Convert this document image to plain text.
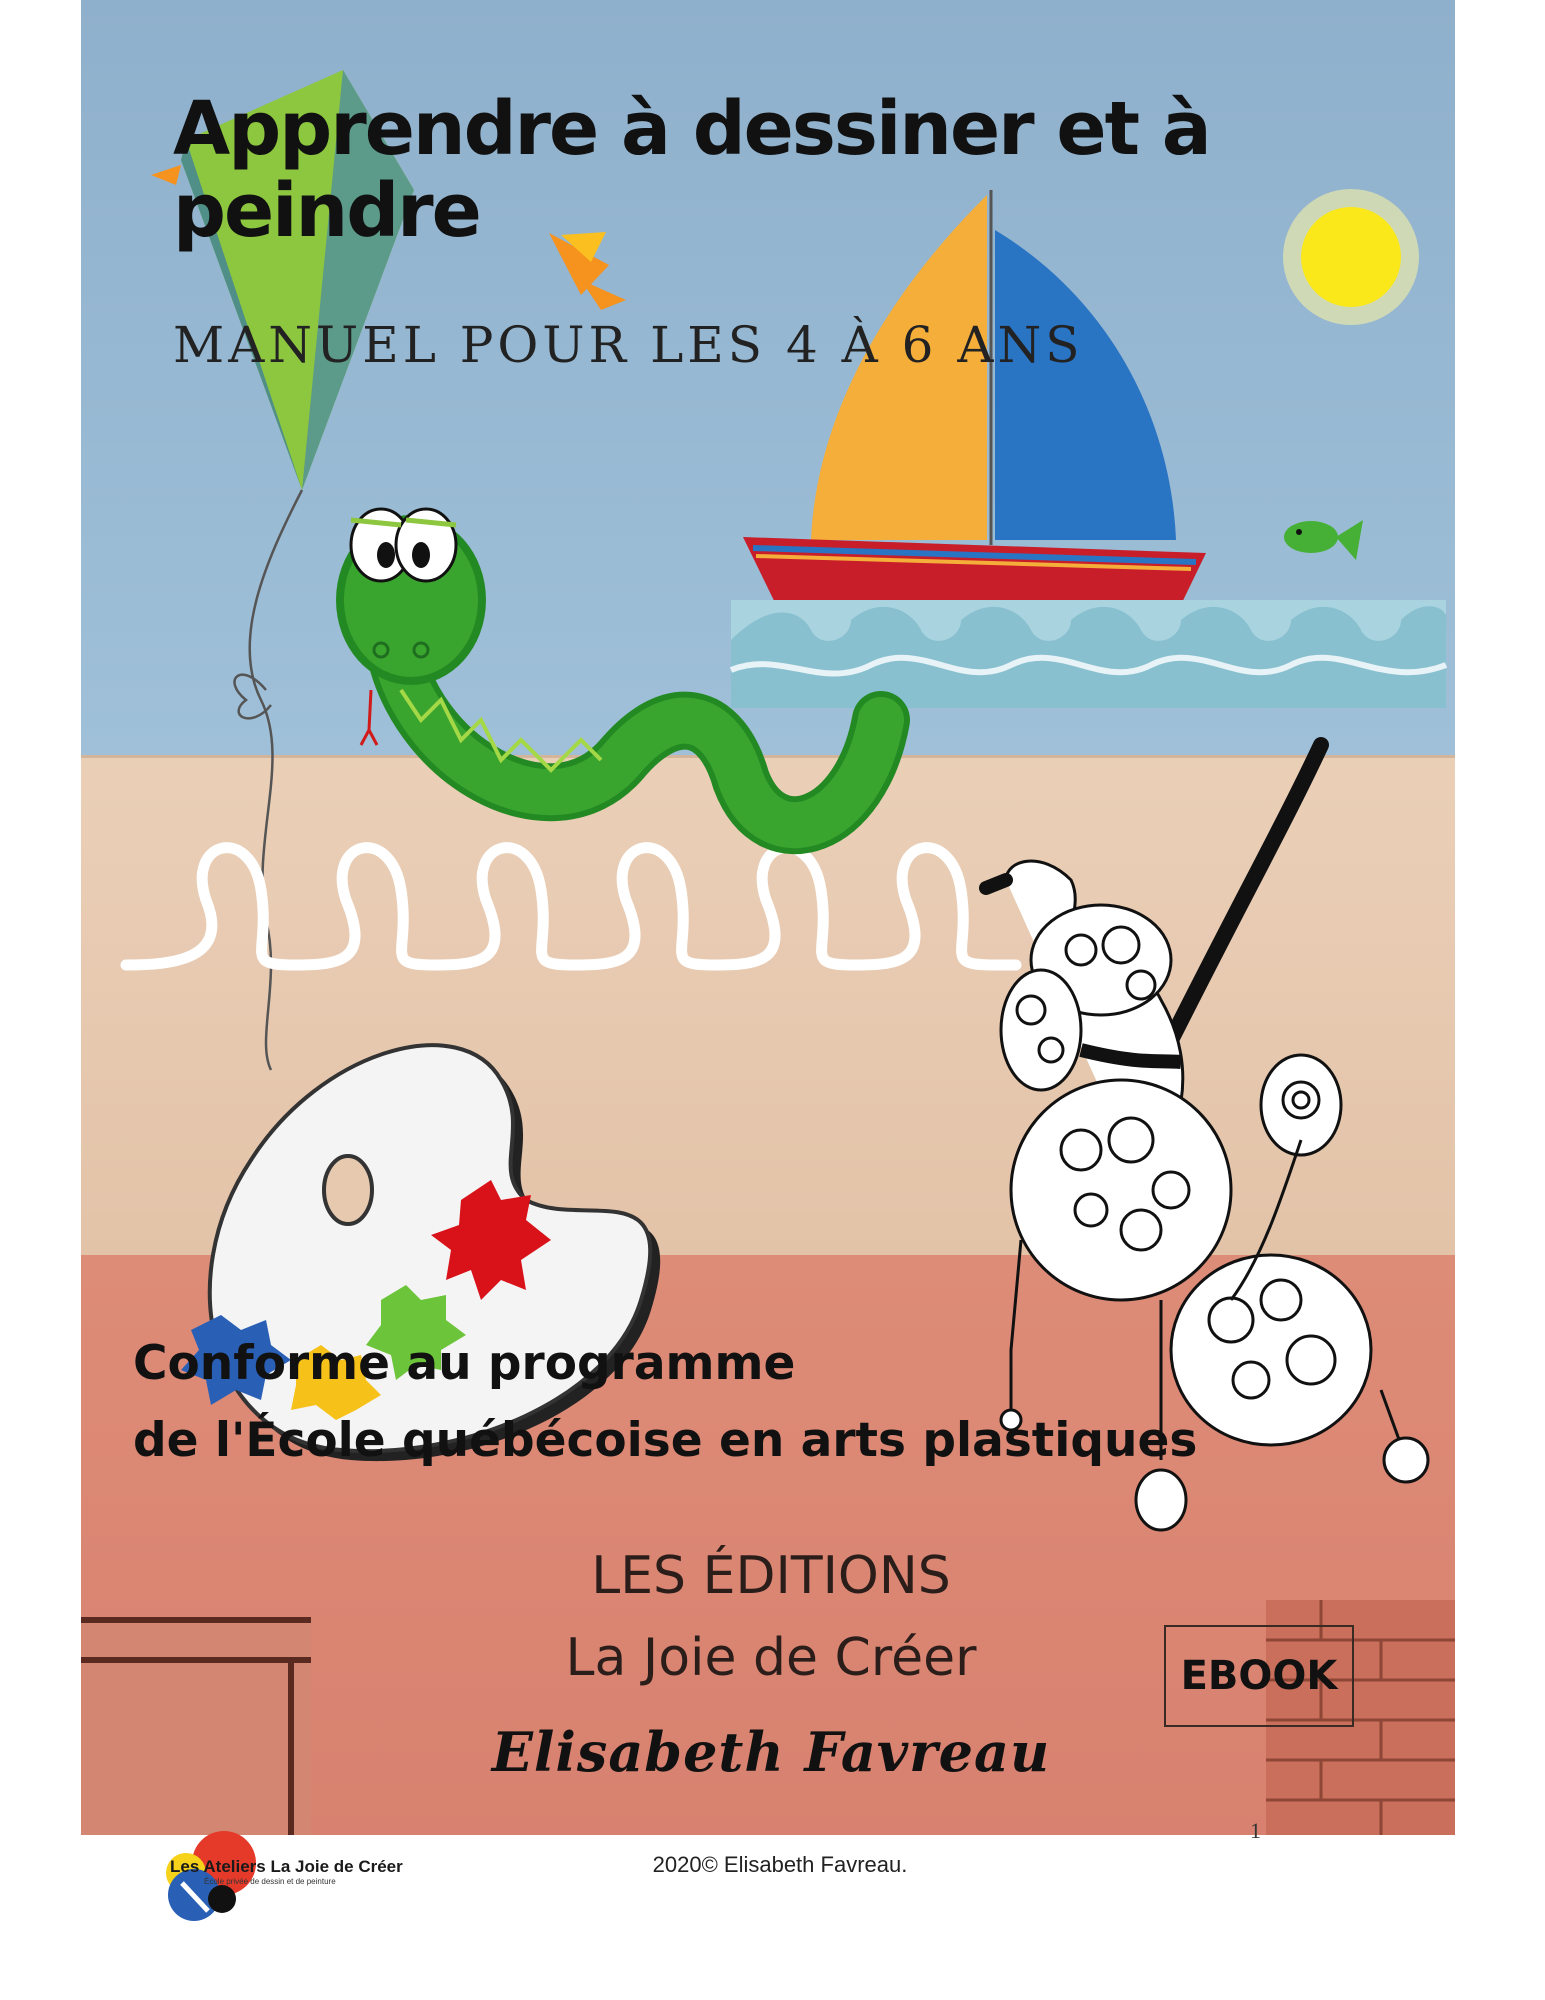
Apprendre à dessiner et à peindre
MANUEL POUR LES 4 À 6 ANS
Conforme au programme
de l'École québécoise en arts plastiques
LES ÉDITIONS
La Joie de Créer
Elisabeth Favreau
EBOOK
1
Les Ateliers La Joie de Créer
École privée de dessin et de peinture
2020© Elisabeth Favreau.
